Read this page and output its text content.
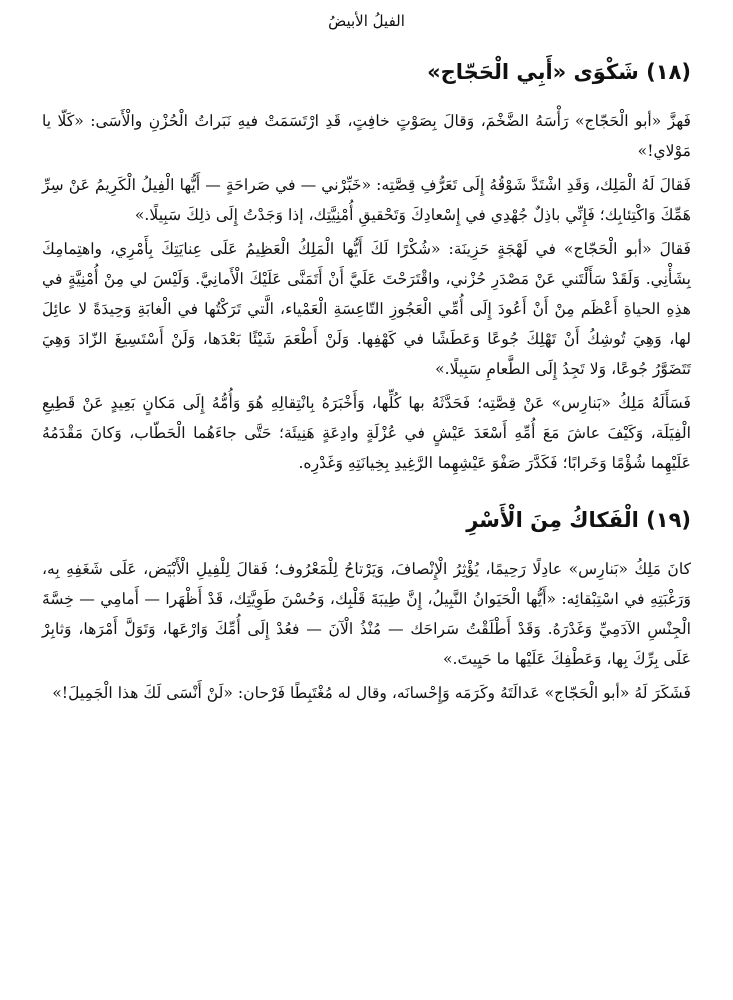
الفيلُ الأبيضُ
(١٨) شَكْوَى «أَبِي الْحَجّاج»

فَهزَّ «أبو الْحَجّاج» رَأْسَهُ الضَّخْمَ، وَقالَ بِصَوْتٍ خافِتٍ، قَدِ ارْتَسَمَتْ فيهِ نَبَراتُ الْحُزْنِ والْأَسَى: «كَلّا يا مَوْلاي!»

فَقالَ لَهُ الْمَلِك، وَقَدِ اشْتَدَّ شَوْقُهُ إِلَى تَعَرُّفِ قِصَّتِه: «خَبِّرْني — في صَراحَةٍ — أَيُّها الْفِيلُ الْكَرِيمُ عَنْ سِرِّ هَمِّكَ وَاكْتِئابِك؛ فَإِنِّي باذِلٌ جُهْدِي في إِسْعادِكَ وَتَحْقيقِ أُمْنِيَّتِك، إذا وَجَدْتُ إِلَى ذلِكَ سَبِيلًا.»

فَقالَ «أبو الْحَجّاج» في لَهْجَةٍ حَزِينَة: «شُكْرًا لَكَ أَيُّها الْمَلِكُ الْعَظِيمُ عَلَى عِنايَتِكَ بِأَمْرِي، واهتِمامِكَ بِشَأْنِي. وَلَقَدْ سَأَلْتَني عَنْ مَصْدَرِ حُزْني، واقْتَرَحْتَ عَلَيَّ أَنْ أَتَمَنَّى عَلَيْكَ الْأَمانِيَّ. وَلَيْسَ لي مِنْ أُمْنِيَّةٍ في هذِهِ الحياةِ أَعْظَم مِنْ أَنْ أَعُودَ إِلَى أُمِّي الْعَجُوزِ التّاعِسَةِ الْعَمْياء، الَّتي تَرَكْتُها في الْغابَةِ وَحِيدَةً لا عائِلَ لها، وَهِيَ تُوشِكُ أَنْ تَهْلِكَ جُوعًا وَعَطَشًا في كَهْفِها. وَلَنْ أَطْعَمَ شَيْئًا بَعْدَها، وَلَنْ أَسْتَسِيغَ الزّادَ وَهِيَ تَتَضَوَّرُ جُوعًا، وَلا تَجِدُ إِلَى الطَّعامِ سَبِيلًا.»

فَسَأَلَهُ مَلِكُ «بَنارِس» عَنْ قِصَّتِه؛ فَحَدَّثَهُ بها كُلِّها، وَأَخْبَرَهُ بِانْتِقالِهِ هُوَ وَأُمُّهُ إِلَى مَكانٍ بَعِيدٍ عَنْ قَطِيعِ الْفِيَلَة، وَكَيْفَ عاشَ مَعَ أُمِّهِ أَسْعَدَ عَيْشٍ في عُزْلَةٍ وادِعَةٍ هَنِيئَة؛ حَتَّى جاءَهُما الْحَطّاب، وَكانَ مَقْدَمُهُ عَلَيْهِما شُؤْمًا وَخَرابًا؛ فَكَدَّرَ صَفْوَ عَيْشِهِما الرَّغِيدِ بِخِيانَتِهِ وَغَدْرِه.

(١٩) الْفَكاكُ مِنَ الْأَسْرِ

كانَ مَلِكُ «بَنارِس» عادِلًا رَحِيمًا، يُؤْثِرُ الْإِنْصافَ، وَيَرْتاحُ لِلْمَعْرُوف؛ فَقالَ لِلْفِيلِ الْأَبْيَض، عَلَى شَغَفِهِ بِه، وَرَغْبَتِهِ في اسْتِبْقائِه: «أَيُّها الْحَيَوانُ النَّبِيلُ، إِنَّ طِيبَةَ قَلْبِك، وَحُسْنَ طَوِيَّتِك، قَدْ أَظْهَرا — أَمامِي — خِسَّةَ الْجِنْسِ الآدَمِيِّ وَغَدْرَهُ. وَقَدْ أَطْلَقْتُ سَراحَك — مُنْذُ الْآنَ — فعُدْ إِلَى أُمِّكَ وَارْعَها، وَتَوَلَّ أَمْرَها، وَثابِرْ عَلَى بِرِّكَ بِها، وَعَطْفِكَ عَلَيْها ما حَيِيتَ.»

فَشَكَرَ لَهُ «أبو الْحَجّاج» عَدالَتَهُ وكَرَمَه وَإِحْسانَه، وقال له مُغْتَبِطًا فَرْحان: «لَنْ أَنْسَى لَكَ هذا الْجَمِيلَ!»
